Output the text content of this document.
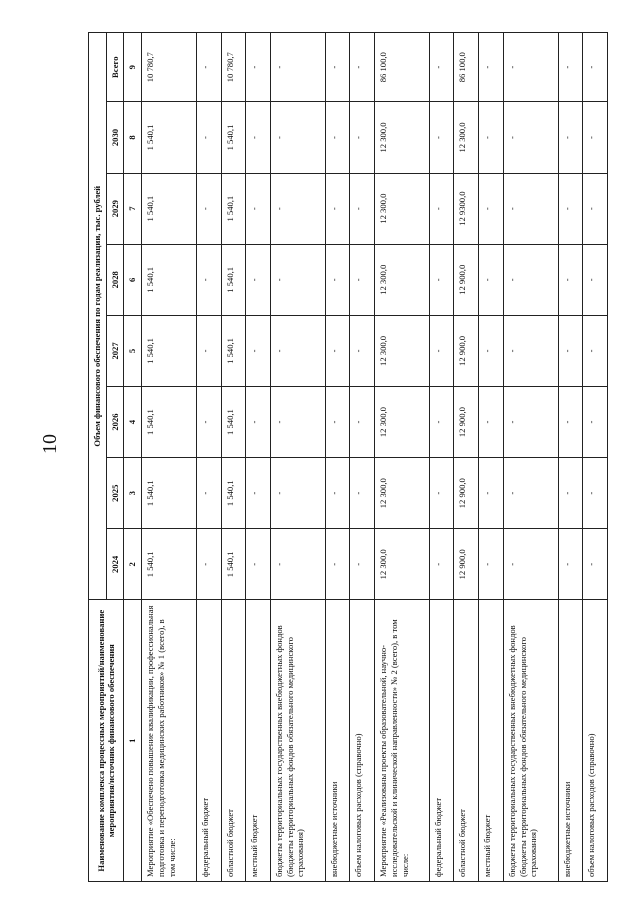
10
Наименование комплекса процессных мероприятий/наименование мероприятия/источник финансового обеспечения	Объем финансового обеспечения по годам реализации, тыс. рублей							
	2024	2025	2026	2027	2028	2029	2030	Всего
1	2	3	4	5	6	7	8	9
Мероприятие «Обеспечено повышение квалификации, профессиональная подготовка и переподготовка медицинских работников» № 1 (всего), в том числе:	1 540,1	1 540,1	1 540,1	1 540,1	1 540,1	1 540,1	1 540,1	10 780,7
федеральный бюджет	-	-	-	-	-	-	-	-
областной бюджет	1 540,1	1 540,1	1 540,1	1 540,1	1 540,1	1 540,1	1 540,1	10 780,7
местный бюджет	-	-	-	-	-	-	-	-
бюджеты территориальных государственных внебюджетных фондов (бюджеты территориальных фондов обязательного медицинского страхования)	-	-	-	-	-	-	-	-
внебюджетные источники	-	-	-	-	-	-	-	-
объем налоговых расходов (справочно)	-	-	-	-	-	-	-	-
Мероприятие «Реализованы проекты образовательной, научно-исследовательской и клинической направленности» № 2 (всего), в том числе:	12 300,0	12 300,0	12 300,0	12 300,0	12 300,0	12 300,0	12 300,0	86 100,0
федеральный бюджет	-	-	-	-	-	-	-	-
областной бюджет	12 900,0	12 900,0	12 900,0	12 900,0	12 900,0	12 9300,0	12 300,0	86 100,0
местный бюджет	-	-	-	-	-	-	-	-
бюджеты территориальных государственных внебюджетных фондов (бюджеты территориальных фондов обязательного медицинского страхования)	-	-	-	-	-	-	-	-
внебюджетные источники	-	-	-	-	-	-	-	-
объем налоговых расходов (справочно)	-	-	-	-	-	-	-	-
